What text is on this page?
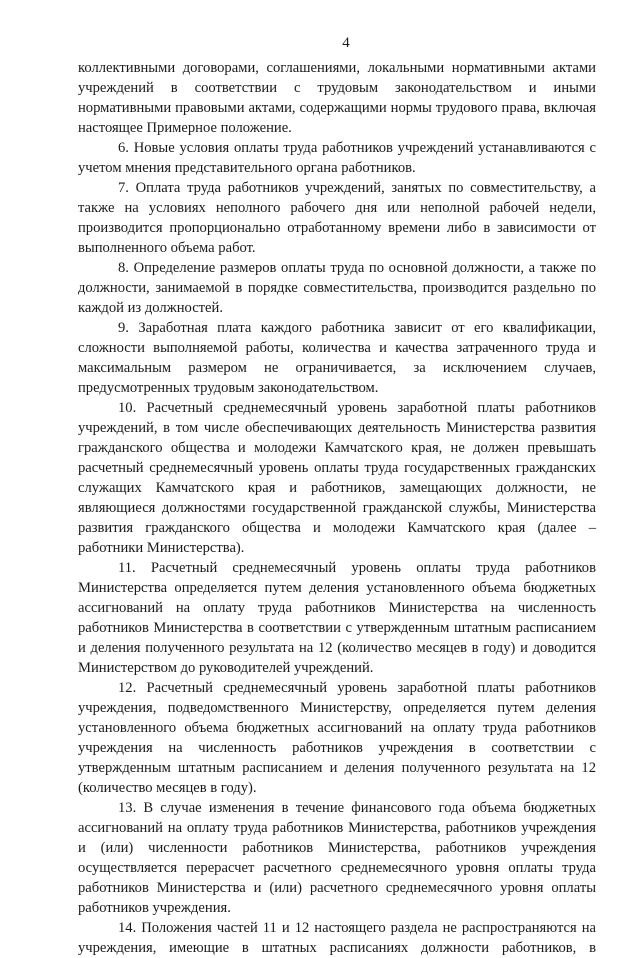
4

коллективными договорами, соглашениями, локальными нормативными актами учреждений в соответствии с трудовым законодательством и иными нормативными правовыми актами, содержащими нормы трудового права, включая настоящее Примерное положение.

6. Новые условия оплаты труда работников учреждений устанавливаются с учетом мнения представительного органа работников.

7. Оплата труда работников учреждений, занятых по совместительству, а также на условиях неполного рабочего дня или неполной рабочей недели, производится пропорционально отработанному времени либо в зависимости от выполненного объема работ.

8. Определение размеров оплаты труда по основной должности, а также по должности, занимаемой в порядке совместительства, производится раздельно по каждой из должностей.

9. Заработная плата каждого работника зависит от его квалификации, сложности выполняемой работы, количества и качества затраченного труда и максимальным размером не ограничивается, за исключением случаев, предусмотренных трудовым законодательством.

10. Расчетный среднемесячный уровень заработной платы работников учреждений, в том числе обеспечивающих деятельность Министерства развития гражданского общества и молодежи Камчатского края, не должен превышать расчетный среднемесячный уровень оплаты труда государственных гражданских служащих Камчатского края и работников, замещающих должности, не являющиеся должностями государственной гражданской службы, Министерства развития гражданского общества и молодежи Камчатского края (далее – работники Министерства).

11. Расчетный среднемесячный уровень оплаты труда работников Министерства определяется путем деления установленного объема бюджетных ассигнований на оплату труда работников Министерства на численность работников Министерства в соответствии с утвержденным штатным расписанием и деления полученного результата на 12 (количество месяцев в году) и доводится Министерством до руководителей учреждений.

12. Расчетный среднемесячный уровень заработной платы работников учреждения, подведомственного Министерству, определяется путем деления установленного объема бюджетных ассигнований на оплату труда работников учреждения на численность работников учреждения в соответствии с утвержденным штатным расписанием и деления полученного результата на 12 (количество месяцев в году).

13. В случае изменения в течение финансового года объема бюджетных ассигнований на оплату труда работников Министерства, работников учреждения и (или) численности работников Министерства, работников учреждения осуществляется перерасчет расчетного среднемесячного уровня оплаты труда работников Министерства и (или) расчетного среднемесячного уровня оплаты работников учреждения.

14. Положения частей 11 и 12 настоящего раздела не распространяются на учреждения, имеющие в штатных расписаниях должности работников, в
